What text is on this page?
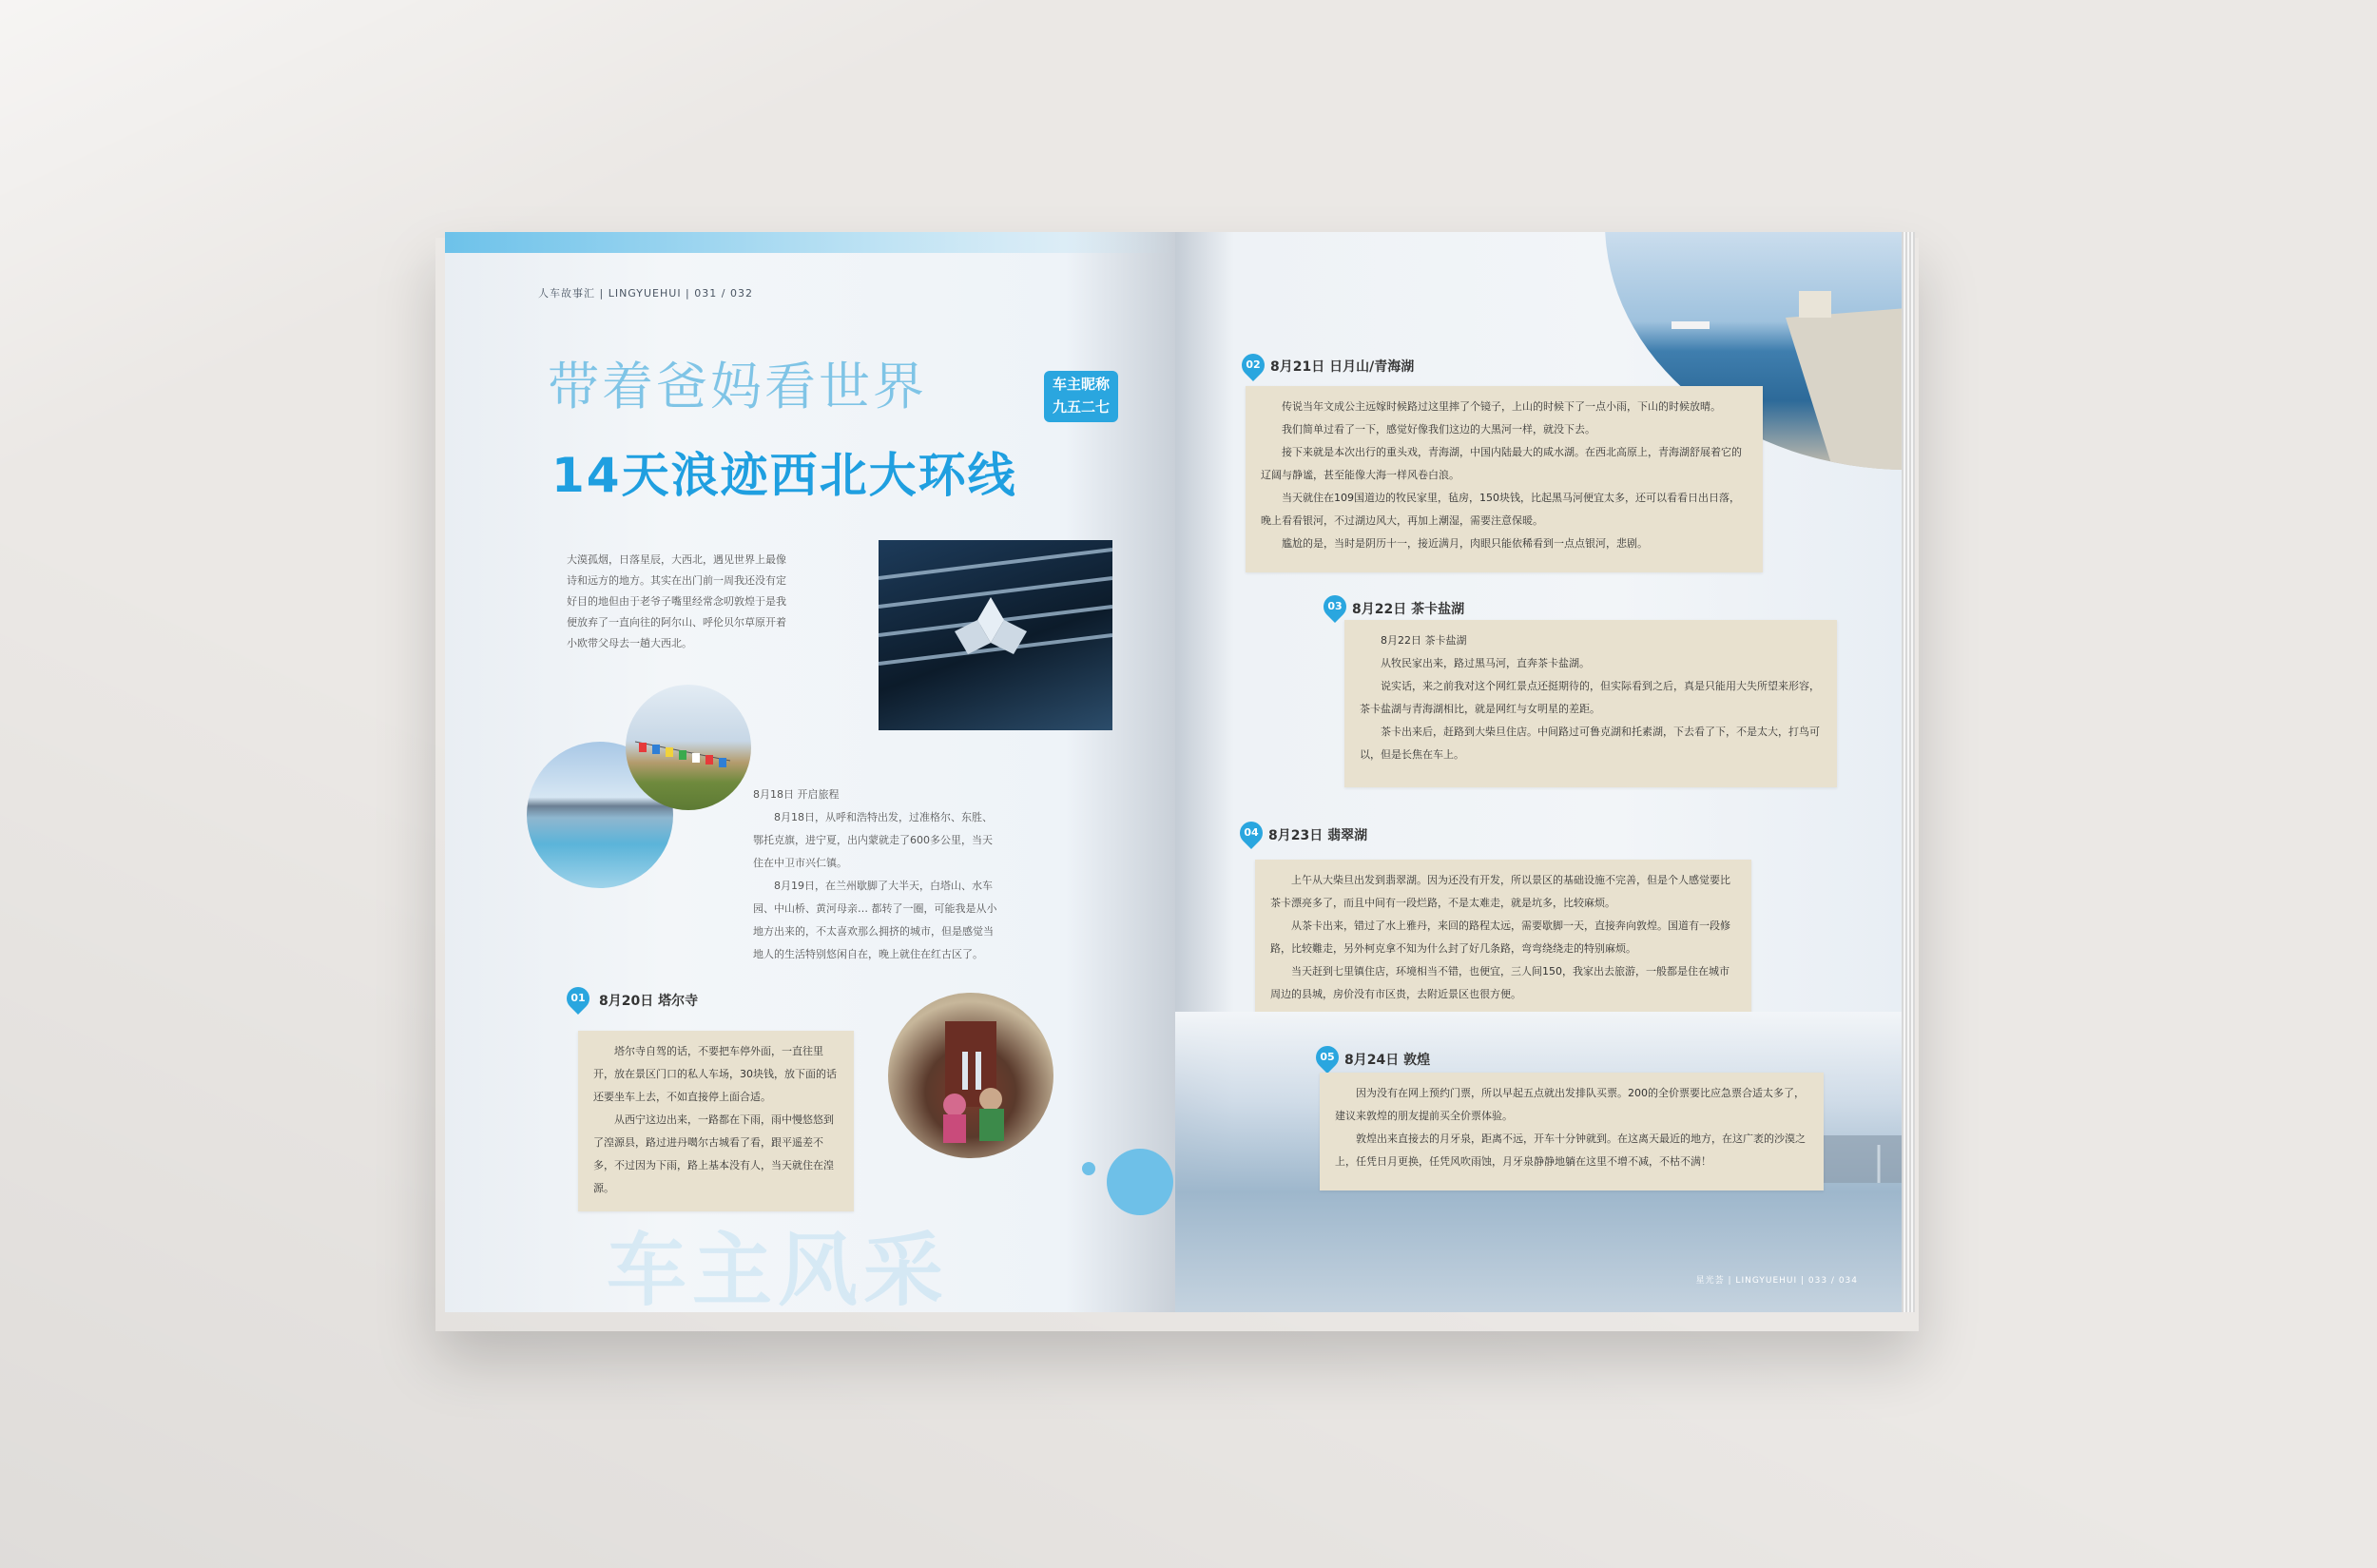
人车故事汇 | LINGYUEHUI | 031 / 032
带着爸妈看世界	车主昵称
九五二七
14天浪迹西北大环线
大漠孤烟，日落星辰，大西北，遇见世界上最像诗和远方的地方。其实在出门前一周我还没有定好目的地但由于老爷子嘴里经常念叨敦煌于是我便放弃了一直向往的阿尔山、呼伦贝尔草原开着小欧带父母去一趟大西北。
8月18日 开启旅程

8月18日，从呼和浩特出发，过准格尔、东胜、鄂托克旗，进宁夏，出内蒙就走了600多公里，当天住在中卫市兴仁镇。

8月19日，在兰州歇脚了大半天，白塔山、水车园、中山桥、黄河母亲… 都转了一圈，可能我是从小地方出来的，不太喜欢那么拥挤的城市，但是感觉当地人的生活特别悠闲自在，晚上就住在红古区了。

01	8月20日 塔尔寺

塔尔寺自驾的话，不要把车停外面，一直往里开，放在景区门口的私人车场，30块钱，放下面的话还要坐车上去，不如直接停上面合适。

从西宁这边出来，一路都在下雨，雨中慢悠悠到了湟源县，路过进丹噶尔古城看了看，跟平遥差不多，不过因为下雨，路上基本没有人，当天就住在湟源。

车主风采
02 8月21日 日月山/青海湖

传说当年文成公主远嫁时候路过这里摔了个镜子，上山的时候下了一点小雨，下山的时候放晴。

我们简单过看了一下，感觉好像我们这边的大黑河一样，就没下去。

接下来就是本次出行的重头戏，青海湖，中国内陆最大的咸水湖。在西北高原上，青海湖舒展着它的辽阔与静谧，甚至能像大海一样风卷白浪。

当天就住在109国道边的牧民家里，毡房，150块钱，比起黑马河便宜太多，还可以看看日出日落，晚上看看银河，不过湖边风大，再加上潮湿，需要注意保暖。

尴尬的是，当时是阴历十一，接近满月，肉眼只能依稀看到一点点银河，悲剧。

03 8月22日 茶卡盐湖

8月22日 茶卡盐湖

从牧民家出来，路过黑马河，直奔茶卡盐湖。

说实话，来之前我对这个网红景点还挺期待的，但实际看到之后，真是只能用大失所望来形容，茶卡盐湖与青海湖相比，就是网红与女明星的差距。

茶卡出来后，赶路到大柴旦住店。中间路过可鲁克湖和托素湖，下去看了下，不是太大，打鸟可以，但是长焦在车上。

04 8月23日 翡翠湖

上午从大柴旦出发到翡翠湖。因为还没有开发，所以景区的基础设施不完善，但是个人感觉要比茶卡漂亮多了，而且中间有一段烂路，不是太难走，就是坑多，比较麻烦。

从茶卡出来，错过了水上雅丹，来回的路程太远，需要歇脚一天，直接奔向敦煌。国道有一段修路，比较難走，另外柯克拿不知为什么封了好几条路，弯弯绕绕走的特别麻烦。

当天赶到七里镇住店，环境相当不错，也便宜，三人间150，我家出去旅游，一般都是住在城市周边的县城，房价没有市区贵，去附近景区也很方便。

05 8月24日 敦煌

因为没有在网上预约门票，所以早起五点就出发排队买票。200的全价票要比应急票合适太多了，建议来敦煌的朋友提前买全价票体验。

敦煌出来直接去的月牙泉，距离不远，开车十分钟就到。在这离天最近的地方，在这广袤的沙漠之上，任凭日月更换，任凭风吹雨蚀，月牙泉静静地躺在这里不增不减，不枯不满！

星光荟 | LINGYUEHUI | 033 / 034
